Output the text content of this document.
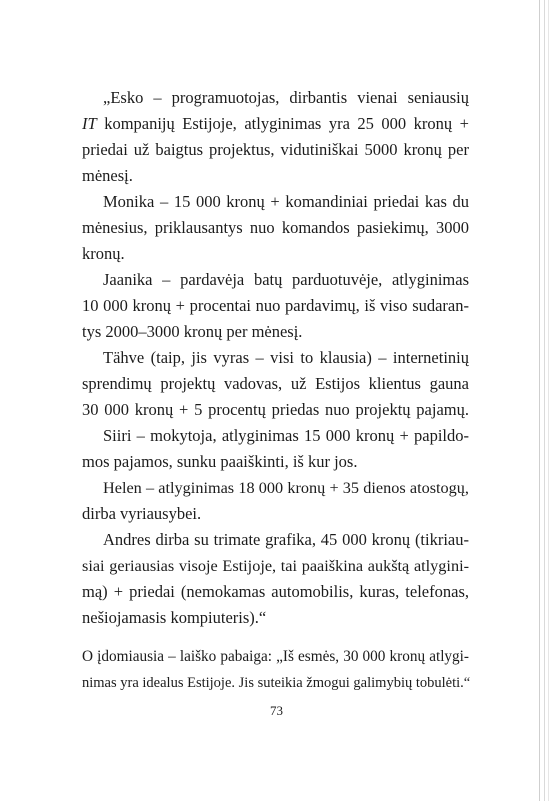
„Esko – programuotojas, dirbantis vienai seniausių
IT kompanijų Estijoje, atlyginimas yra 25 000 kronų +
priedai už baigtus projektus, vidutiniškai 5000 kronų per
mėnesį.
Monika – 15 000 kronų + komandiniai priedai kas du
mėnesius, priklausantys nuo komandos pasiekimų, 3000
kronų.
Jaanika – pardavėja batų parduotuvėje, atlyginimas
10 000 kronų + procentai nuo pardavimų, iš viso sudaran-
tys 2000–3000 kronų per mėnesį.
Tähve (taip, jis vyras – visi to klausia) – internetinių
sprendimų projektų vadovas, už Estijos klientus gauna
30 000 kronų + 5 procentų priedas nuo projektų pajamų.
Siiri – mokytoja, atlyginimas 15 000 kronų + papildo-
mos pajamos, sunku paaiškinti, iš kur jos.
Helen – atlyginimas 18 000 kronų + 35 dienos atostogų,
dirba vyriausybei.
Andres dirba su trimate grafika, 45 000 kronų (tikriau-
siai geriausias visoje Estijoje, tai paaiškina aukštą atlygini-
mą) + priedai (nemokamas automobilis, kuras, telefonas,
nešiojamasis kompiuteris).“
O įdomiausia – laiško pabaiga: „Iš esmės, 30 000 kronų atlygi-
nimas yra idealus Estijoje. Jis suteikia žmogui galimybių tobulėti.“
73
